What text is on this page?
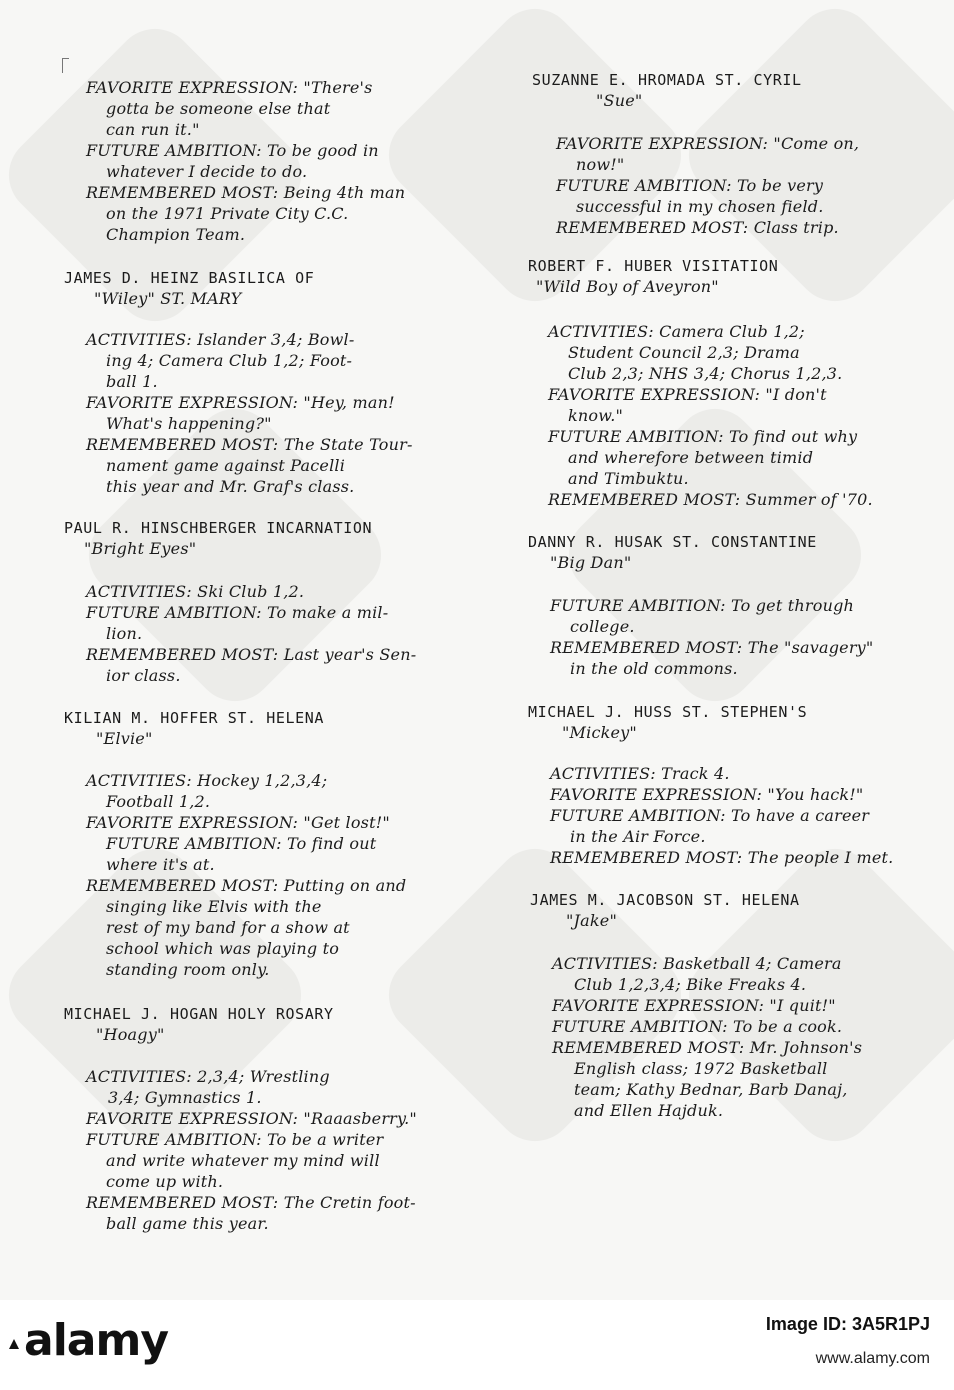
FAVORITE EXPRESSION: "There's
gotta be someone else that
can run it."
FUTURE AMBITION: To be good in
whatever I decide to do.
REMEMBERED MOST: Being 4th man
on the 1971 Private City C.C.
Champion Team.
JAMES D. HEINZ BASILICA OF
"Wiley" ST. MARY
ACTIVITIES: Islander 3,4; Bowl-
ing 4; Camera Club 1,2; Foot-
ball 1.
FAVORITE EXPRESSION: "Hey, man!
What's happening?"
REMEMBERED MOST: The State Tour-
nament game against Pacelli
this year and Mr. Graf's class.
PAUL R. HINSCHBERGER INCARNATION
"Bright Eyes"
ACTIVITIES: Ski Club 1,2.
FUTURE AMBITION: To make a mil-
lion.
REMEMBERED MOST: Last year's Sen-
ior class.
KILIAN M. HOFFER ST. HELENA
"Elvie"
ACTIVITIES: Hockey 1,2,3,4;
Football 1,2.
FAVORITE EXPRESSION: "Get lost!"
FUTURE AMBITION: To find out
where it's at.
REMEMBERED MOST: Putting on and
singing like Elvis with the
rest of my band for a show at
school which was playing to
standing room only.
MICHAEL J. HOGAN HOLY ROSARY
"Hoagy"
ACTIVITIES: 2,3,4; Wrestling
3,4; Gymnastics 1.
FAVORITE EXPRESSION: "Raaasberry."
FUTURE AMBITION: To be a writer
and write whatever my mind will
come up with.
REMEMBERED MOST: The Cretin foot-
ball game this year.
SUZANNE E. HROMADA ST. CYRIL
"Sue"
FAVORITE EXPRESSION: "Come on,
now!"
FUTURE AMBITION: To be very
successful in my chosen field.
REMEMBERED MOST: Class trip.
ROBERT F. HUBER VISITATION
"Wild Boy of Aveyron"
ACTIVITIES: Camera Club 1,2;
Student Council 2,3; Drama
Club 2,3; NHS 3,4; Chorus 1,2,3.
FAVORITE EXPRESSION: "I don't
know."
FUTURE AMBITION: To find out why
and wherefore between timid
and Timbuktu.
REMEMBERED MOST: Summer of '70.
DANNY R. HUSAK ST. CONSTANTINE
"Big Dan"
FUTURE AMBITION: To get through
college.
REMEMBERED MOST: The "savagery"
in the old commons.
MICHAEL J. HUSS ST. STEPHEN'S
"Mickey"
ACTIVITIES: Track 4.
FAVORITE EXPRESSION: "You hack!"
FUTURE AMBITION: To have a career
in the Air Force.
REMEMBERED MOST: The people I met.
JAMES M. JACOBSON ST. HELENA
"Jake"
ACTIVITIES: Basketball 4; Camera
Club 1,2,3,4; Bike Freaks 4.
FAVORITE EXPRESSION: "I quit!"
FUTURE AMBITION: To be a cook.
REMEMBERED MOST: Mr. Johnson's
English class; 1972 Basketball
team; Kathy Bednar, Barb Danaj,
and Ellen Hajduk.
alamy	Image ID: 3A5R1PJ
www.alamy.com
